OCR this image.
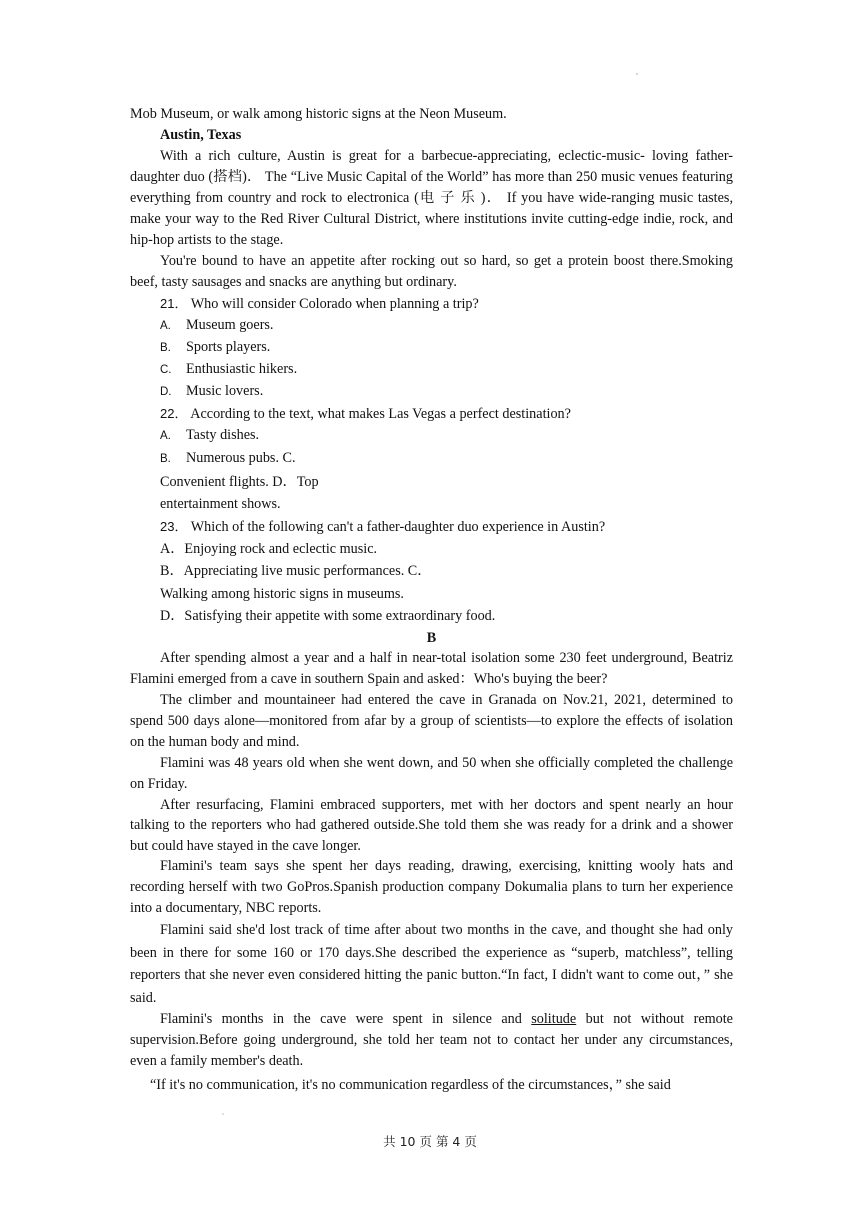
Mob Museum, or walk among historic signs at the Neon Museum.

Austin, Texas

With a rich culture, Austin is great for a barbecue-appreciating, eclectic-music- loving father-daughter duo (搭档)． The “Live Music Capital of the World” has more than 250 music venues featuring everything from country and rock to electronica (电 子 乐 )． If you have wide-ranging music tastes, make your way to the Red River Cultural District, where institutions invite cutting-edge indie, rock, and hip-hop artists to the stage.

You're bound to have an appetite after rocking out so hard, so get a protein boost there.Smoking beef, tasty sausages and snacks are anything but ordinary.

21． Who will consider Colorado when planning a trip?

A. Museum goers.

B. Sports players.

C. Enthusiastic hikers.

D. Music lovers.

22． According to the text, what makes Las Vegas a perfect destination?

A. Tasty dishes.

B. Numerous pubs. C.

Convenient flights. D．Top

entertainment shows.

23． Which of the following can't a father-daughter duo experience in Austin?

A．Enjoying rock and eclectic music.

B．Appreciating live music performances. C．

Walking among historic signs in museums.

D．Satisfying their appetite with some extraordinary food.

B

After spending almost a year and a half in near-total isolation some 230 feet underground, Beatriz Flamini emerged from a cave in southern Spain and asked：Who's buying the beer?

The climber and mountaineer had entered the cave in Granada on Nov.21, 2021, determined to spend 500 days alone—monitored from afar by a group of scientists—to explore the effects of isolation on the human body and mind.

Flamini was 48 years old when she went down, and 50 when she officially completed the challenge on Friday.

After resurfacing, Flamini embraced supporters, met with her doctors and spent nearly an hour talking to the reporters who had gathered outside.She told them she was ready for a drink and a shower but could have stayed in the cave longer.

Flamini's team says she spent her days reading, drawing, exercising, knitting wooly hats and recording herself with two GoPros.Spanish production company Dokumalia plans to turn her experience into a documentary, NBC reports.

Flamini said she'd lost track of time after about two months in the cave, and thought she had only been in there for some 160 or 170 days.She described the experience as “superb, matchless”, telling reporters that she never even considered hitting the panic button.“In fact, I didn't want to come out，” she said.

Flamini's months in the cave were spent in silence and solitude but not without remote supervision.Before going underground, she told her team not to contact her under any circumstances, even a family member's death.

“If it's no communication, it's no communication regardless of the circumstances，” she said

共 10 页 第 4 页
